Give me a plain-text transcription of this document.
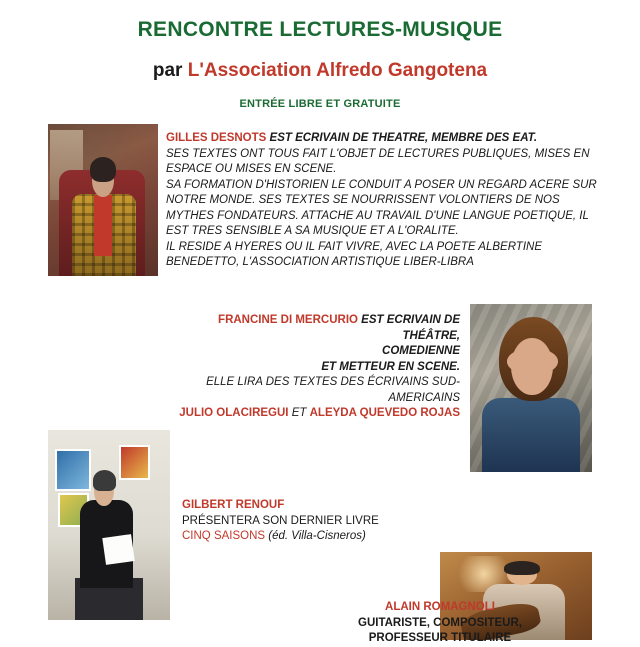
RENCONTRE LECTURES-MUSIQUE
par L'Association Alfredo Gangotena
ENTRÉE LIBRE ET GRATUITE
GILLES DESNOTS EST ECRIVAIN DE THEATRE, MEMBRE DES EAT.
SES TEXTES ONT TOUS FAIT L'OBJET DE LECTURES PUBLIQUES, MISES EN ESPACE OU MISES EN SCENE.
SA FORMATION D'HISTORIEN LE CONDUIT A POSER UN REGARD ACERE SUR NOTRE MONDE. SES TEXTES SE NOURRISSENT VOLONTIERS DE NOS MYTHES FONDATEURS. ATTACHE AU TRAVAIL D'UNE LANGUE POETIQUE, IL EST TRES SENSIBLE A SA MUSIQUE ET A L'ORALITE.
IL RESIDE A HYERES OU IL FAIT VIVRE, AVEC LA POETE ALBERTINE BENEDETTO, L'ASSOCIATION ARTISTIQUE LIBER-LIBRA
FRANCINE DI MERCURIO EST ECRIVAIN DE THÉÂTRE,
COMEDIENNE
ET METTEUR EN SCENE.
ELLE LIRA DES TEXTES DES ÉCRIVAINS SUD-AMERICAINS
JULIO OLACIREGUI ET ALEYDA QUEVEDO ROJAS
GILBERT RENOUF
PRÉSENTERA SON DERNIER LIVRE
CINQ SAISONS (éd. Villa-Cisneros)
ALAIN ROMAGNOLI
GUITARISTE, COMPOSITEUR,
PROFESSEUR TITULAIRE
